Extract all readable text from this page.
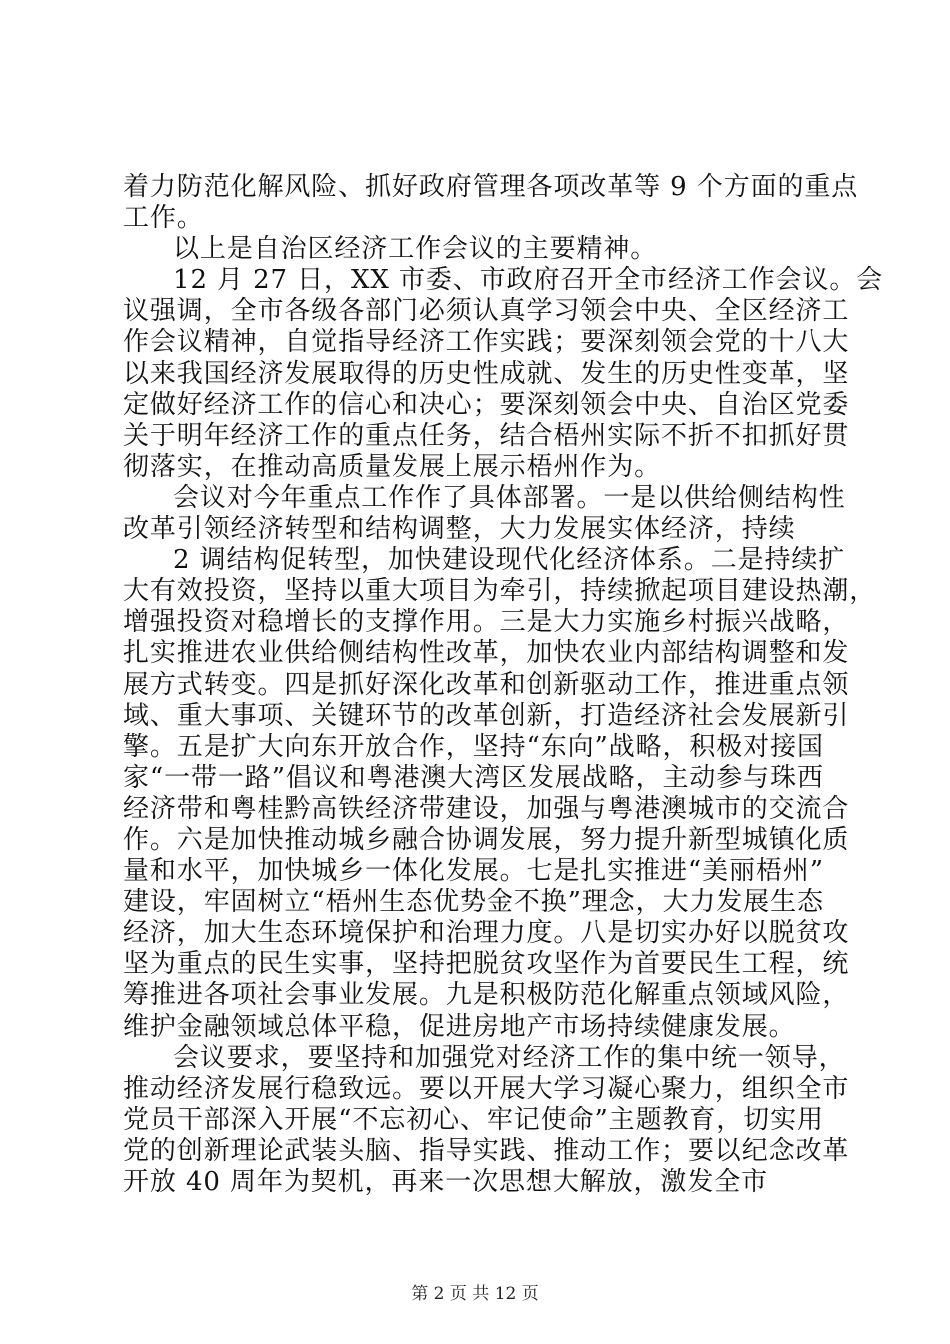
着力防范化解风险、抓好政府管理各项改革等 9 个方面的重点
工作。
以上是自治区经济工作会议的主要精神。
12 月 27 日，XX 市委、市政府召开全市经济工作会议。会
议强调，全市各级各部门必须认真学习领会中央、全区经济工
作会议精神，自觉指导经济工作实践；要深刻领会党的十八大
以来我国经济发展取得的历史性成就、发生的历史性变革，坚
定做好经济工作的信心和决心；要深刻领会中央、自治区党委
关于明年经济工作的重点任务，结合梧州实际不折不扣抓好贯
彻落实，在推动高质量发展上展示梧州作为。
会议对今年重点工作作了具体部署。一是以供给侧结构性
改革引领经济转型和结构调整，大力发展实体经济，持续
2 调结构促转型，加快建设现代化经济体系。二是持续扩
大有效投资，坚持以重大项目为牵引，持续掀起项目建设热潮，
增强投资对稳增长的支撑作用。三是大力实施乡村振兴战略，
扎实推进农业供给侧结构性改革，加快农业内部结构调整和发
展方式转变。四是抓好深化改革和创新驱动工作，推进重点领
域、重大事项、关键环节的改革创新，打造经济社会发展新引
擎。五是扩大向东开放合作，坚持“东向”战略，积极对接国
家“一带一路”倡议和粤港澳大湾区发展战略，主动参与珠西
经济带和粤桂黔高铁经济带建设，加强与粤港澳城市的交流合
作。六是加快推动城乡融合协调发展，努力提升新型城镇化质
量和水平，加快城乡一体化发展。七是扎实推进“美丽梧州”
建设，牢固树立“梧州生态优势金不换”理念，大力发展生态
经济，加大生态环境保护和治理力度。八是切实办好以脱贫攻
坚为重点的民生实事，坚持把脱贫攻坚作为首要民生工程，统
筹推进各项社会事业发展。九是积极防范化解重点领域风险，
维护金融领域总体平稳，促进房地产市场持续健康发展。
会议要求，要坚持和加强党对经济工作的集中统一领导，
推动经济发展行稳致远。要以开展大学习凝心聚力，组织全市
党员干部深入开展“不忘初心、牢记使命”主题教育，切实用
党的创新理论武装头脑、指导实践、推动工作；要以纪念改革
开放 40 周年为契机，再来一次思想大解放，激发全市
第 2 页 共 12 页
